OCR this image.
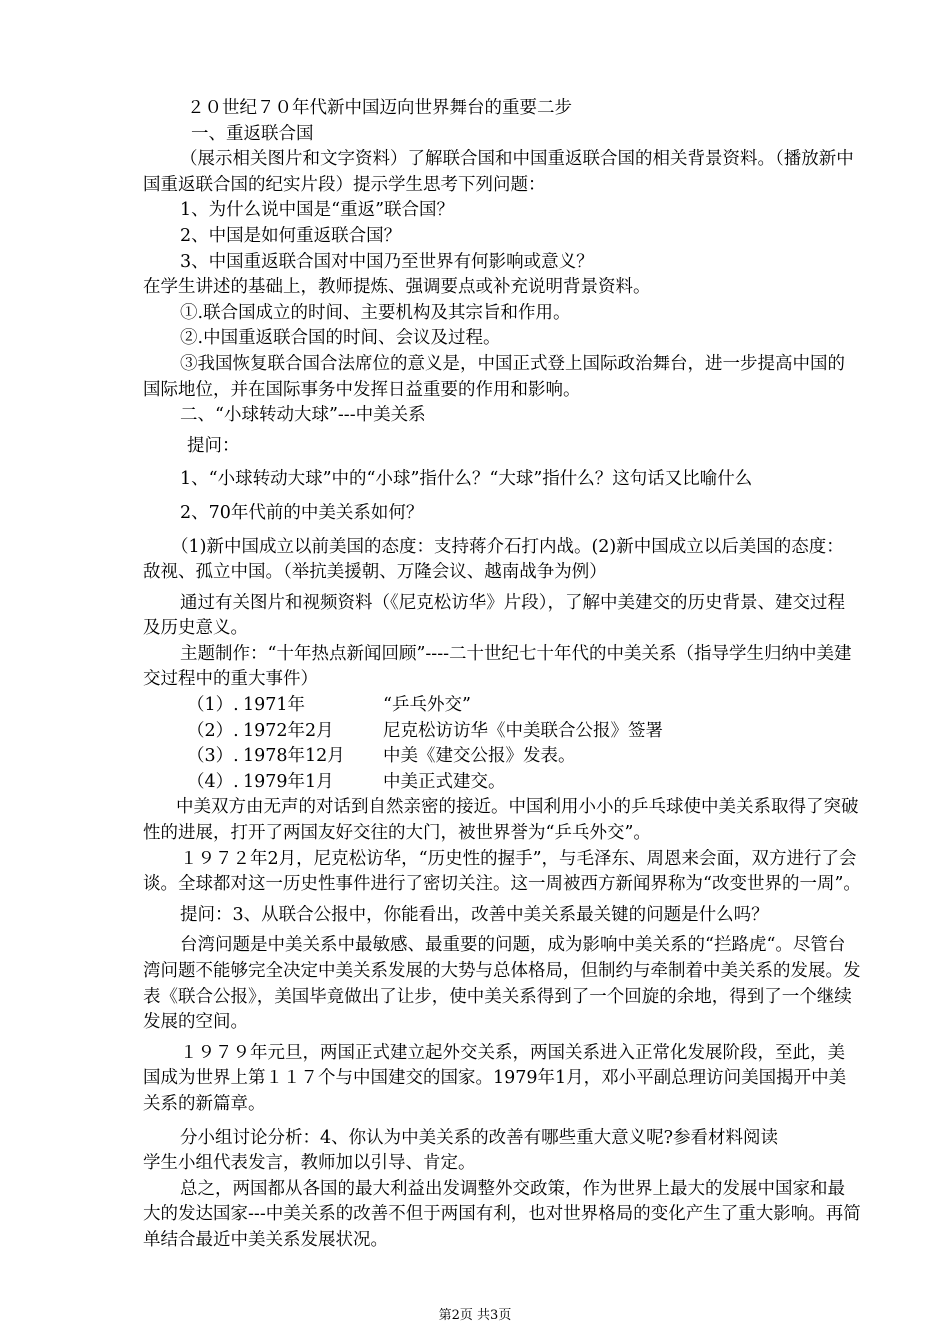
２０世纪７０年代新中国迈向世界舞台的重要二步

一、重返联合国

（展示相关图片和文字资料）了解联合国和中国重返联合国的相关背景资料。（播放新中国重返联合国的纪实片段）提示学生思考下列问题：

1、为什么说中国是“重返”联合国？

2、中国是如何重返联合国？

3、中国重返联合国对中国乃至世界有何影响或意义？

在学生讲述的基础上，教师提炼、强调要点或补充说明背景资料。

①.联合国成立的时间、主要机构及其宗旨和作用。

②.中国重返联合国的时间、会议及过程。

③我国恢复联合国合法席位的意义是，中国正式登上国际政治舞台，进一步提高中国的国际地位，并在国际事务中发挥日益重要的作用和影响。

二、“小球转动大球”---中美关系

提问：

1、“小球转动大球”中的“小球”指什么？“大球”指什么？这句话又比喻什么

2、70年代前的中美关系如何？

（1)新中国成立以前美国的态度：支持蒋介石打内战。(2)新中国成立以后美国的态度：敌视、孤立中国。（举抗美援朝、万隆会议、越南战争为例）

通过有关图片和视频资料（《尼克松访华》片段），了解中美建交的历史背景、建交过程及历史意义。

主题制作：“十年热点新闻回顾”----二十世纪七十年代的中美关系（指导学生归纳中美建交过程中的重大事件）

（1）. 1971年	“乒乓外交”
（2）. 1972年2月	尼克松访访华《中美联合公报》签署
（3）. 1978年12月 中美《建交公报》发表。
（4）. 1979年1月	中美正式建交。

中美双方由无声的对话到自然亲密的接近。中国利用小小的乒乓球使中美关系取得了突破性的进展，打开了两国友好交往的大门，被世界誉为“乒乓外交”。

１９７２年2月，尼克松访华，“历史性的握手”，与毛泽东、周恩来会面，双方进行了会谈。全球都对这一历史性事件进行了密切关注。这一周被西方新闻界称为“改变世界的一周”。

提问：3、从联合公报中，你能看出，改善中美关系最关键的问题是什么吗？

台湾问题是中美关系中最敏感、最重要的问题，成为影响中美关系的“拦路虎“。尽管台湾问题不能够完全决定中美关系发展的大势与总体格局，但制约与牵制着中美关系的发展。发表《联合公报》，美国毕竟做出了让步，使中美关系得到了一个回旋的余地，得到了一个继续发展的空间。

１９７９年元旦，两国正式建立起外交关系，两国关系进入正常化发展阶段，至此，美国成为世界上第１１７个与中国建交的国家。1979年1月，邓小平副总理访问美国揭开中美关系的新篇章。

分小组讨论分析：4、你认为中美关系的改善有哪些重大意义呢?参看材料阅读

学生小组代表发言，教师加以引导、肯定。

总之，两国都从各国的最大利益出发调整外交政策，作为世界上最大的发展中国家和最大的发达国家---中美关系的改善不但于两国有利，也对世界格局的变化产生了重大影响。再简单结合最近中美关系发展状况。

第2页 共3页
